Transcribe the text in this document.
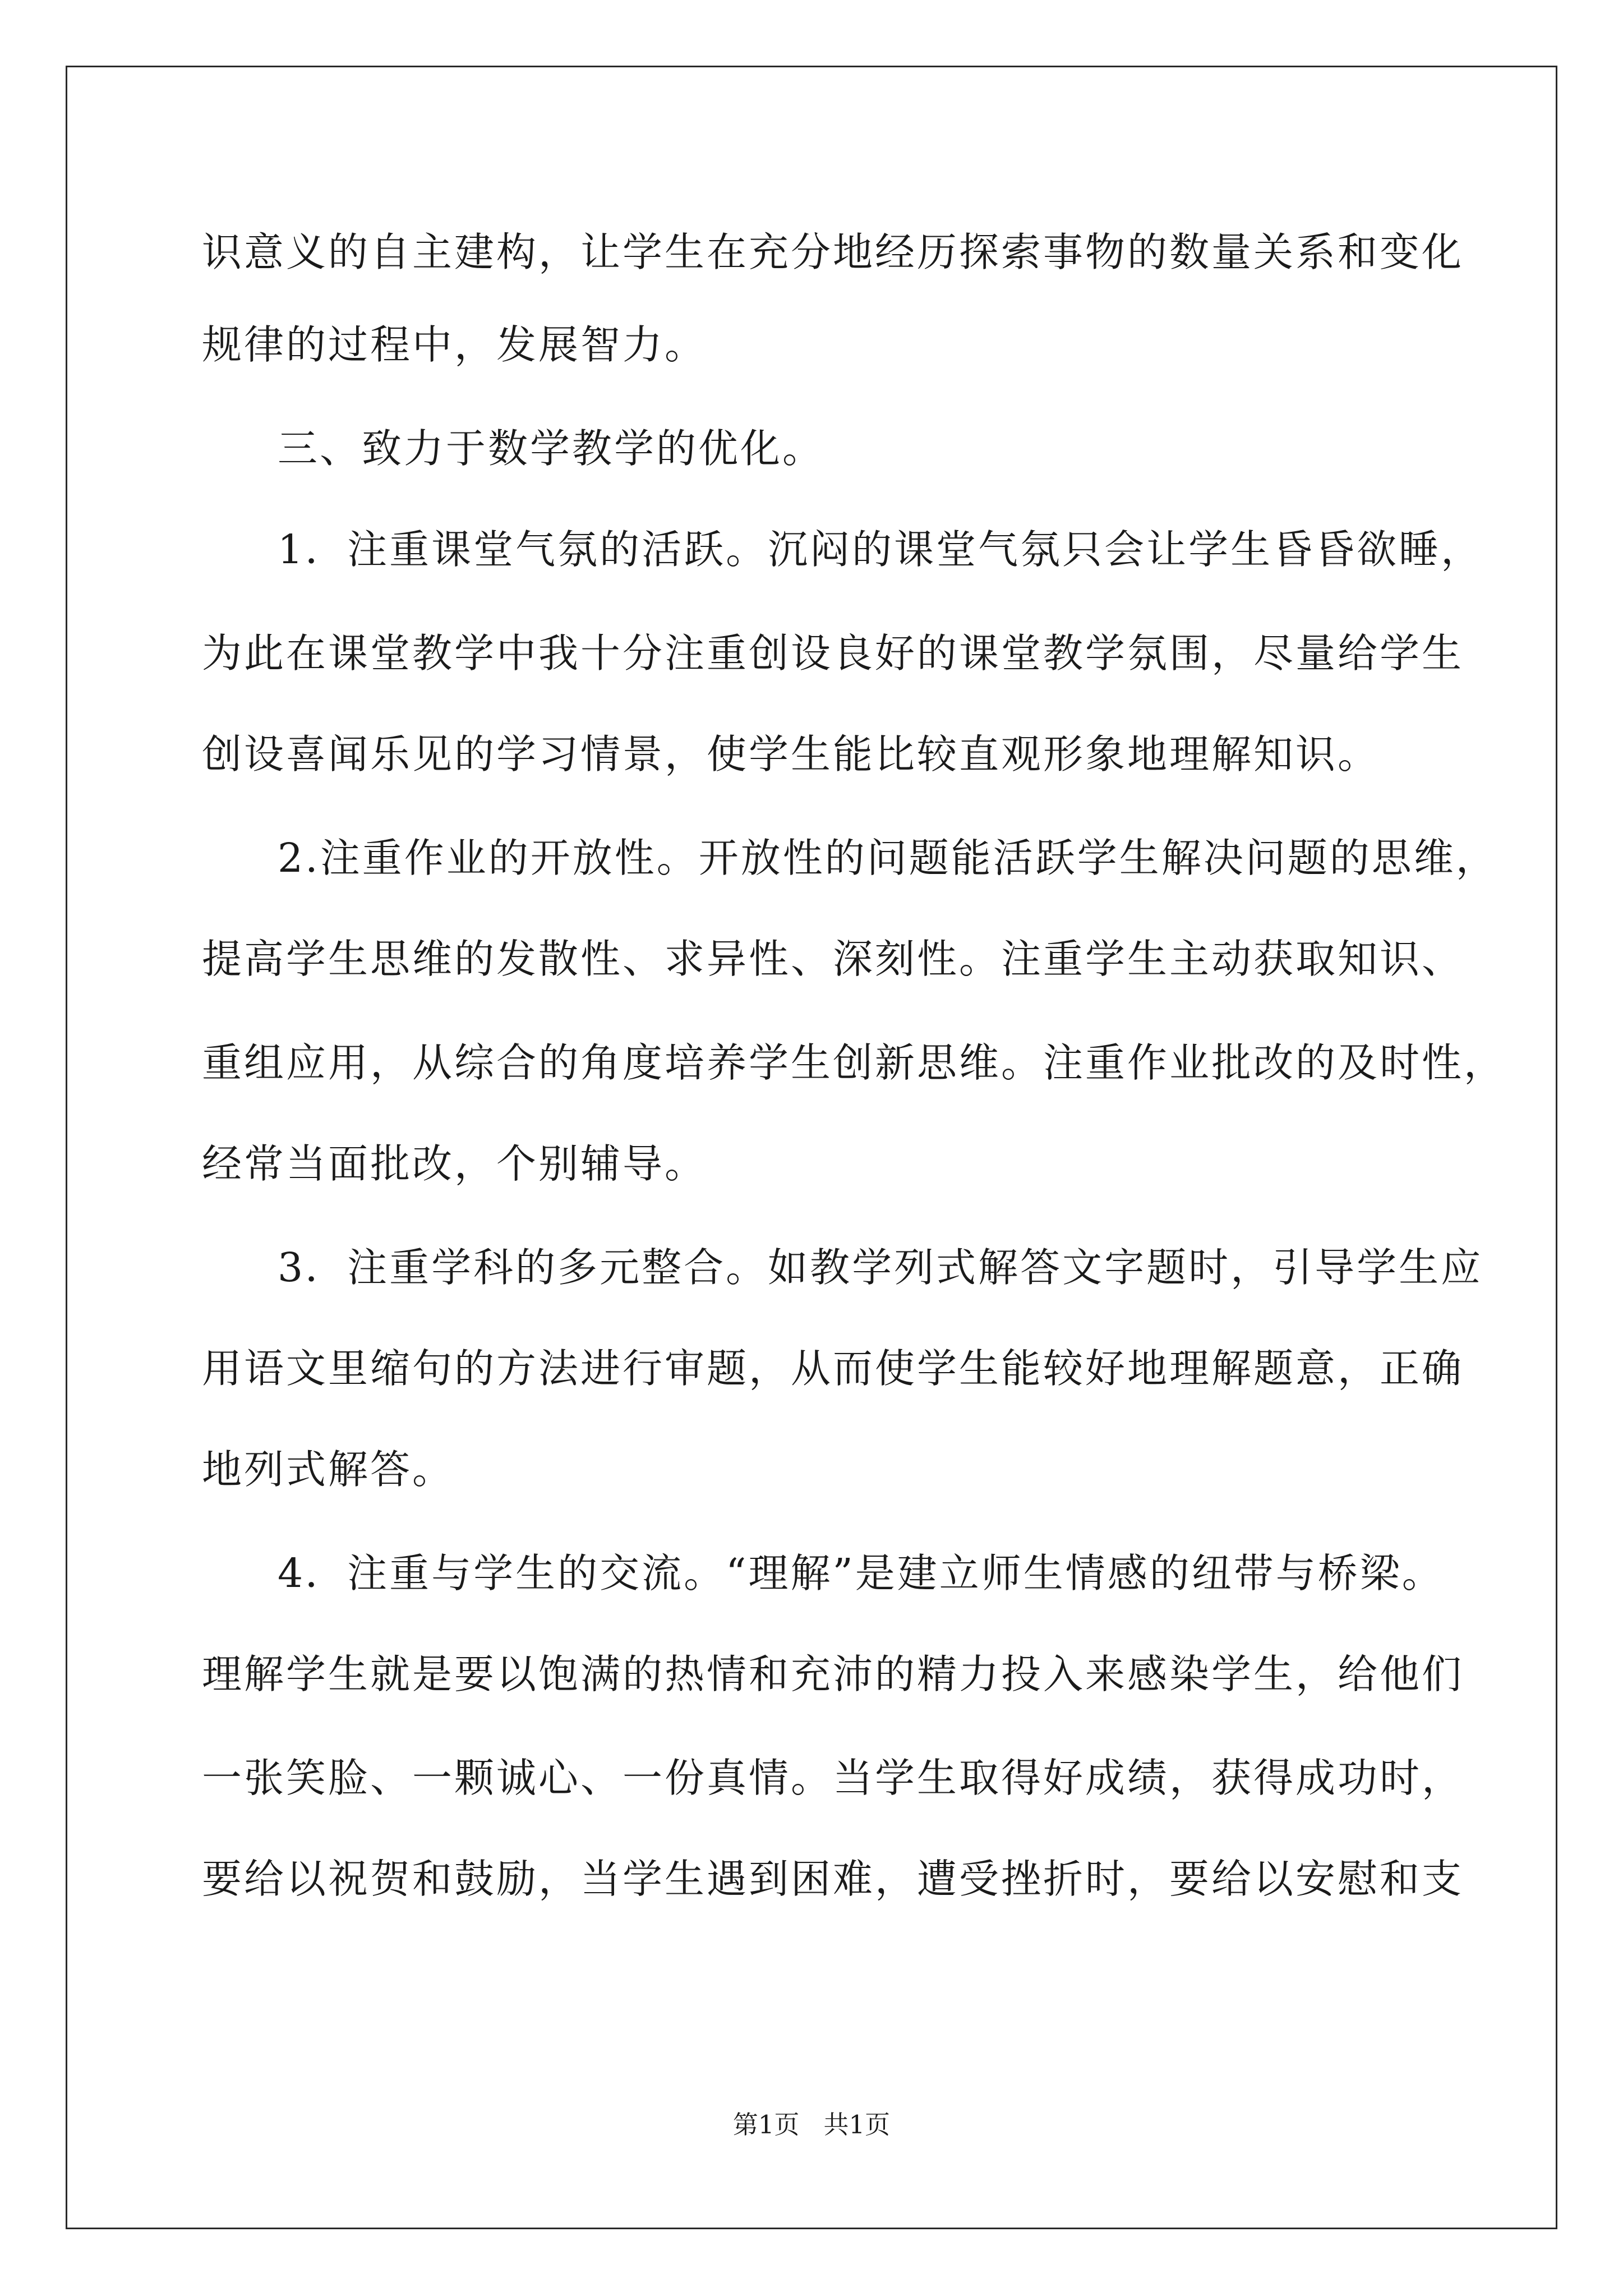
识意义的自主建构，让学生在充分地经历探索事物的数量关系和变化
规律的过程中，发展智力。
三、致力于数学教学的优化。
1．注重课堂气氛的活跃。沉闷的课堂气氛只会让学生昏昏欲睡，
为此在课堂教学中我十分注重创设良好的课堂教学氛围，尽量给学生
创设喜闻乐见的学习情景，使学生能比较直观形象地理解知识。
2.注重作业的开放性。开放性的问题能活跃学生解决问题的思维，
提高学生思维的发散性、求异性、深刻性。注重学生主动获取知识、
重组应用，从综合的角度培养学生创新思维。注重作业批改的及时性，
经常当面批改，个别辅导。
3．注重学科的多元整合。如教学列式解答文字题时，引导学生应
用语文里缩句的方法进行审题，从而使学生能较好地理解题意，正确
地列式解答。
4．注重与学生的交流。“理解”是建立师生情感的纽带与桥梁。
理解学生就是要以饱满的热情和充沛的精力投入来感染学生，给他们
一张笑脸、一颗诚心、一份真情。当学生取得好成绩，获得成功时，
要给以祝贺和鼓励，当学生遇到困难，遭受挫折时，要给以安慰和支
第1页   共1页
